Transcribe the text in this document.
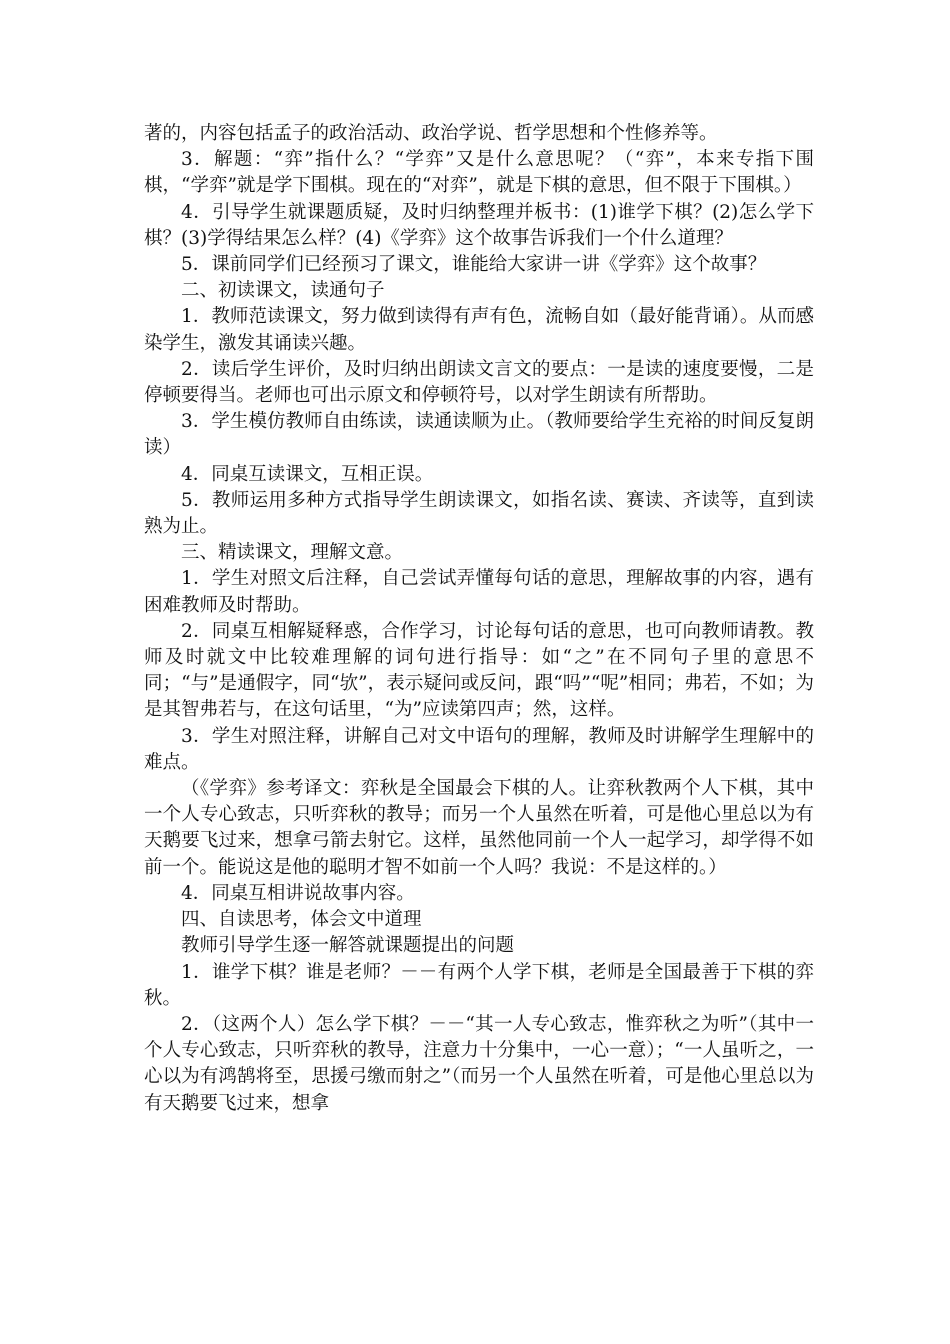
著的，内容包括孟子的政治活动、政治学说、哲学思想和个性修养等。

3．解题：“弈”指什么？“学弈”又是什么意思呢？（“弈”，本来专指下围棋，“学弈”就是学下围棋。现在的“对弈”，就是下棋的意思，但不限于下围棋。）

4．引导学生就课题质疑，及时归纳整理并板书：(1)谁学下棋？(2)怎么学下棋？(3)学得结果怎么样？(4)《学弈》这个故事告诉我们一个什么道理？

5．课前同学们已经预习了课文，谁能给大家讲一讲《学弈》这个故事？

二、初读课文，读通句子

1．教师范读课文，努力做到读得有声有色，流畅自如（最好能背诵）。从而感染学生，激发其诵读兴趣。

2．读后学生评价，及时归纳出朗读文言文的要点：一是读的速度要慢，二是停顿要得当。老师也可出示原文和停顿符号，以对学生朗读有所帮助。

3．学生模仿教师自由练读，读通读顺为止。（教师要给学生充裕的时间反复朗读）

4．同桌互读课文，互相正误。

5．教师运用多种方式指导学生朗读课文，如指名读、赛读、齐读等，直到读熟为止。

三、精读课文，理解文意。

1．学生对照文后注释，自己尝试弄懂每句话的意思，理解故事的内容，遇有困难教师及时帮助。

2．同桌互相解疑释惑，合作学习，讨论每句话的意思，也可向教师请教。教师及时就文中比较难理解的词句进行指导：如“之”在不同句子里的意思不同；“与”是通假字，同“欤”，表示疑问或反问，跟“吗”“呢”相同；弗若，不如；为是其智弗若与，在这句话里，“为”应读第四声；然，这样。

3．学生对照注释，讲解自己对文中语句的理解，教师及时讲解学生理解中的难点。

（《学弈》参考译文：弈秋是全国最会下棋的人。让弈秋教两个人下棋，其中一个人专心致志，只听弈秋的教导；而另一个人虽然在听着，可是他心里总以为有天鹅要飞过来，想拿弓箭去射它。这样，虽然他同前一个人一起学习，却学得不如前一个。能说这是他的聪明才智不如前一个人吗？我说：不是这样的。）

4．同桌互相讲说故事内容。

四、自读思考，体会文中道理

教师引导学生逐一解答就课题提出的问题

1．谁学下棋？谁是老师？－－有两个人学下棋，老师是全国最善于下棋的弈秋。

2．（这两个人）怎么学下棋？－－“其一人专心致志，惟弈秋之为听”（其中一个人专心致志，只听弈秋的教导，注意力十分集中，一心一意）；“一人虽听之，一心以为有鸿鹄将至，思援弓缴而射之”（而另一个人虽然在听着，可是他心里总以为有天鹅要飞过来，想拿
